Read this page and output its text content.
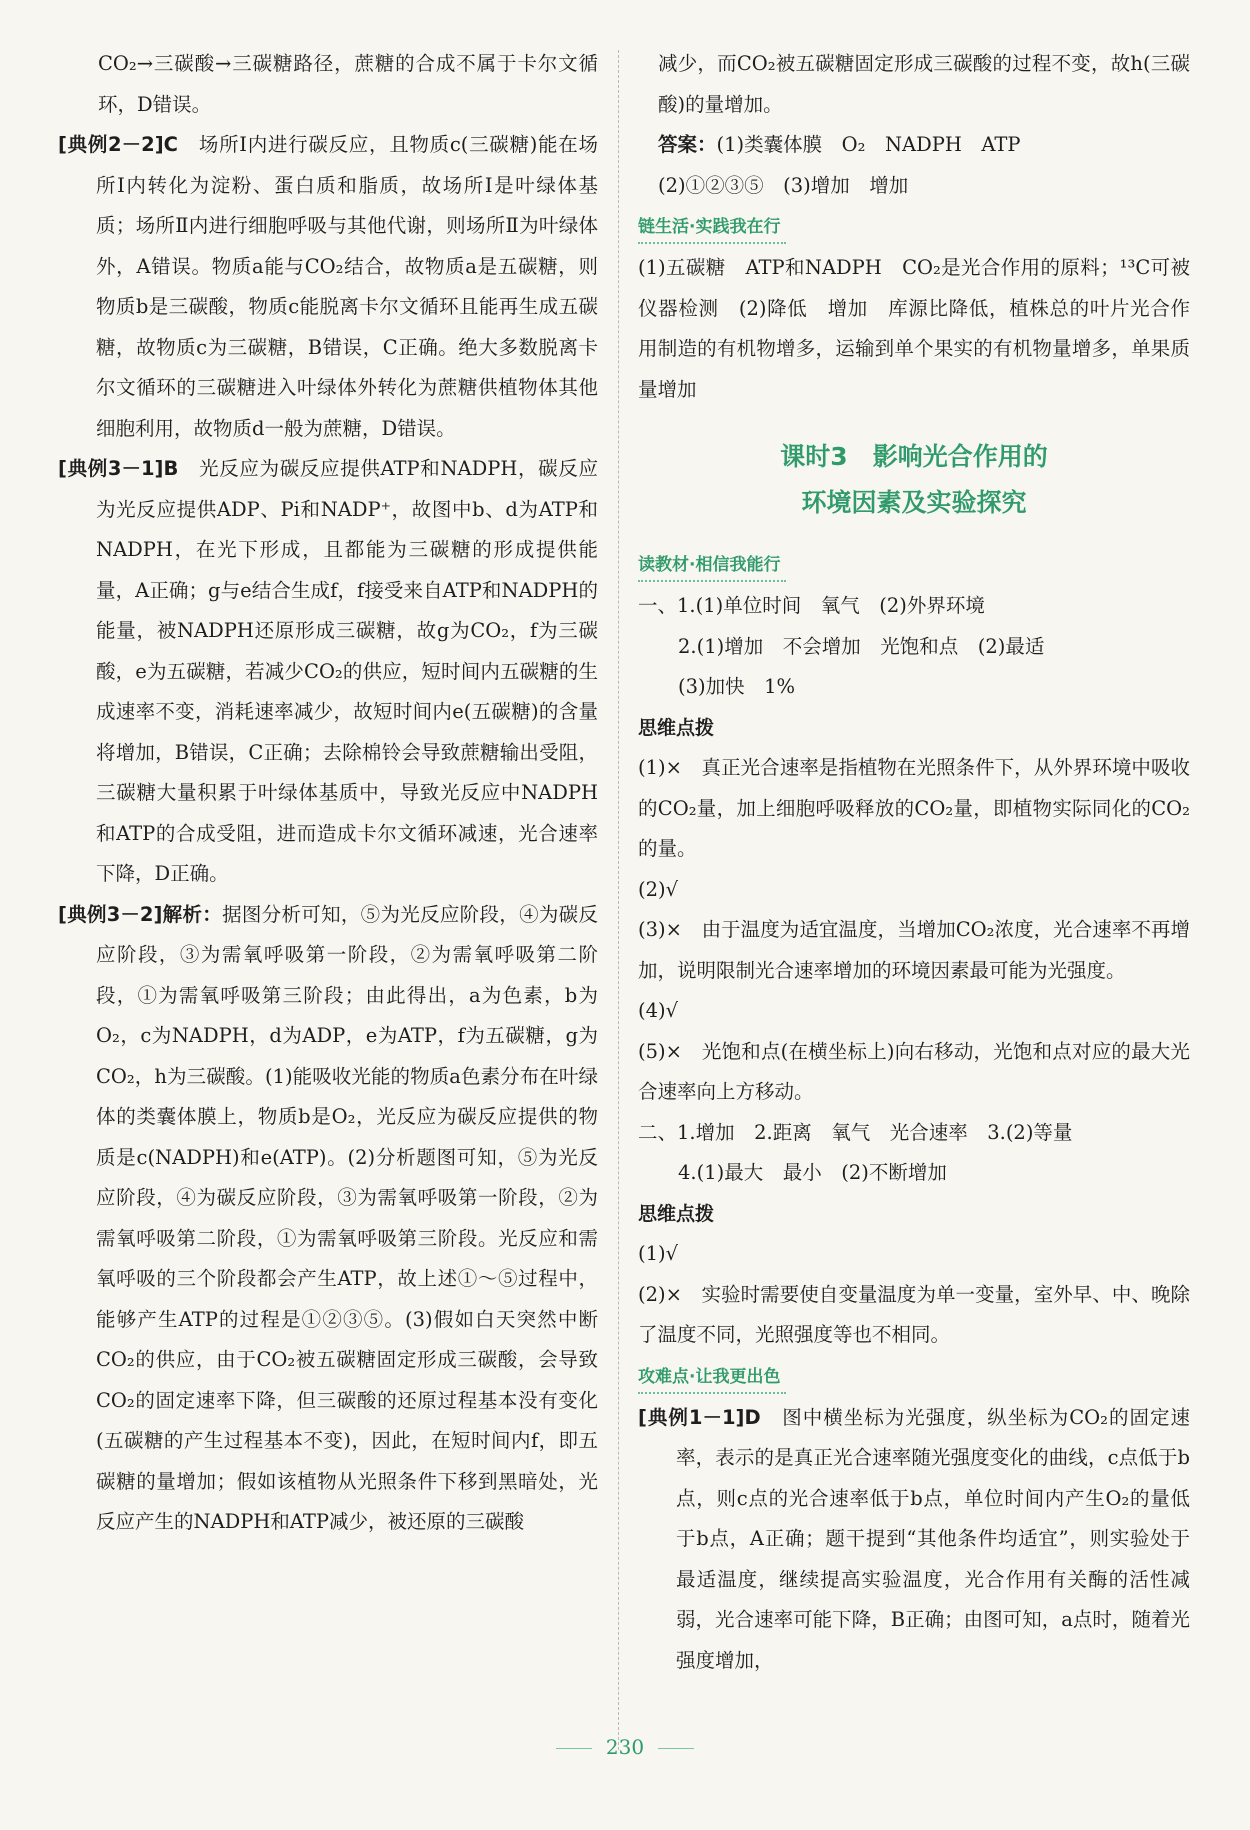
CO₂→三碳酸→三碳糖路径，蔗糖的合成不属于卡尔文循环，D错误。

[典例2－2]C　 场所Ⅰ内进行碳反应，且物质c(三碳糖)能在场所Ⅰ内转化为淀粉、蛋白质和脂质，故场所Ⅰ是叶绿体基质；场所Ⅱ内进行细胞呼吸与其他代谢，则场所Ⅱ为叶绿体外，A错误。物质a能与CO₂结合，故物质a是五碳糖，则物质b是三碳酸，物质c能脱离卡尔文循环且能再生成五碳糖，故物质c为三碳糖，B错误，C正确。绝大多数脱离卡尔文循环的三碳糖进入叶绿体外转化为蔗糖供植物体其他细胞利用，故物质d一般为蔗糖，D错误。

[典例3－1]B　 光反应为碳反应提供ATP和NADPH，碳反应为光反应提供ADP、Pi和NADP⁺，故图中b、d为ATP和NADPH，在光下形成，且都能为三碳糖的形成提供能量，A正确；g与e结合生成f，f接受来自ATP和NADPH的能量，被NADPH还原形成三碳糖，故g为CO₂，f为三碳酸，e为五碳糖，若减少CO₂的供应，短时间内五碳糖的生成速率不变，消耗速率减少，故短时间内e(五碳糖)的含量将增加，B错误，C正确；去除棉铃会导致蔗糖输出受阻，三碳糖大量积累于叶绿体基质中，导致光反应中NADPH和ATP的合成受阻，进而造成卡尔文循环减速，光合速率下降，D正确。

[典例3－2]解析：据图分析可知，⑤为光反应阶段，④为碳反应阶段，③为需氧呼吸第一阶段，②为需氧呼吸第二阶段，①为需氧呼吸第三阶段；由此得出，a为色素，b为O₂，c为NADPH，d为ADP，e为ATP，f为五碳糖，g为CO₂，h为三碳酸。(1)能吸收光能的物质a色素分布在叶绿体的类囊体膜上，物质b是O₂，光反应为碳反应提供的物质是c(NADPH)和e(ATP)。(2)分析题图可知，⑤为光反应阶段，④为碳反应阶段，③为需氧呼吸第一阶段，②为需氧呼吸第二阶段，①为需氧呼吸第三阶段。光反应和需氧呼吸的三个阶段都会产生ATP，故上述①～⑤过程中，能够产生ATP的过程是①②③⑤。(3)假如白天突然中断CO₂的供应，由于CO₂被五碳糖固定形成三碳酸，会导致CO₂的固定速率下降，但三碳酸的还原过程基本没有变化(五碳糖的产生过程基本不变)，因此，在短时间内f，即五碳糖的量增加；假如该植物从光照条件下移到黑暗处，光反应产生的NADPH和ATP减少，被还原的三碳酸

减少，而CO₂被五碳糖固定形成三碳酸的过程不变，故h(三碳酸)的量增加。

答案：(1)类囊体膜　O₂　NADPH　ATP

(2)①②③⑤　(3)增加　增加

链生活·实践我在行

(1)五碳糖　ATP和NADPH　CO₂是光合作用的原料；¹³C可被仪器检测　(2)降低　增加　库源比降低，植株总的叶片光合作用制造的有机物增多，运输到单个果实的有机物量增多，单果质量增加

课时3　影响光合作用的
环境因素及实验探究
读教材·相信我能行

一、1.(1)单位时间　氧气　(2)外界环境

2.(1)增加　不会增加　光饱和点　(2)最适

(3)加快　1%

思维点拨

(1)×　真正光合速率是指植物在光照条件下，从外界环境中吸收的CO₂量，加上细胞呼吸释放的CO₂量，即植物实际同化的CO₂的量。

(2)√

(3)×　由于温度为适宜温度，当增加CO₂浓度，光合速率不再增加，说明限制光合速率增加的环境因素最可能为光强度。

(4)√

(5)×　光饱和点(在横坐标上)向右移动，光饱和点对应的最大光合速率向上方移动。

二、1.增加　2.距离　氧气　光合速率　3.(2)等量

4.(1)最大　最小　(2)不断增加

思维点拨

(1)√

(2)×　实验时需要使自变量温度为单一变量，室外早、中、晚除了温度不同，光照强度等也不相同。

攻难点·让我更出色

[典例1－1]D　 图中横坐标为光强度，纵坐标为CO₂的固定速率，表示的是真正光合速率随光强度变化的曲线，c点低于b点，则c点的光合速率低于b点，单位时间内产生O₂的量低于b点，A正确；题干提到“其他条件均适宜”，则实验处于最适温度，继续提高实验温度，光合作用有关酶的活性减弱，光合速率可能下降，B正确；由图可知，a点时，随着光强度增加，

230
